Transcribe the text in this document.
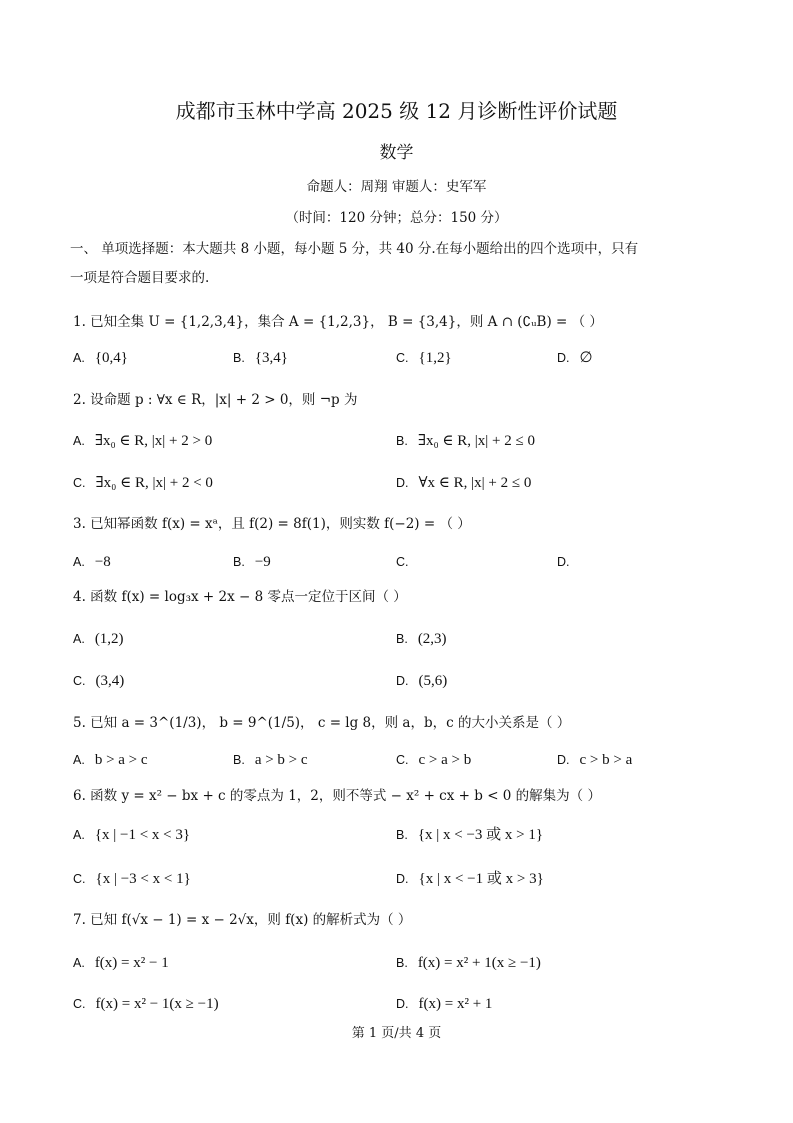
成都市玉林中学高 2025 级 12 月诊断性评价试题
数学
命题人：周翔 审题人：史军军
（时间：120 分钟；总分：150 分）
一、 单项选择题：本大题共 8 小题，每小题 5 分，共 40 分.在每小题给出的四个选项中，只有
一项是符合题目要求的.
1. 已知全集 U = {1,2,3,4}，集合 A = {1,2,3}， B = {3,4}，则 A ∩ (∁ᵤB) = （ ）
A. {0,4}	B. {3,4}	C. {1,2}	D. ∅
2. 设命题 p : ∀x ∈ R，|x| + 2 > 0，则 ¬p 为
A. ∃x₀ ∈ R, |x| + 2 > 0	B. ∃x₀ ∈ R, |x| + 2 ≤ 0
C. ∃x₀ ∈ R, |x| + 2 < 0	D. ∀x ∈ R, |x| + 2 ≤ 0
3. 已知幂函数 f(x) = xᵃ，且 f(2) = 8f(1)，则实数 f(−2) = （ ）
A. −8	B. −9	C.	D.
4. 函数 f(x) = log₃x + 2x − 8 零点一定位于区间（ ）
A. (1,2)	B. (2,3)
C. (3,4)	D. (5,6)
5. 已知 a = 3^(1/3)， b = 9^(1/5)， c = lg 8，则 a，b，c 的大小关系是（ ）
A. b > a > c	B. a > b > c	C. c > a > b	D. c > b > a
6. 函数 y = x² − bx + c 的零点为 1，2，则不等式 − x² + cx + b < 0 的解集为（ ）
A. {x | −1 < x < 3}	B. {x | x < −3 或 x > 1}
C. {x | −3 < x < 1}	D. {x | x < −1 或 x > 3}
7. 已知 f(√x − 1) = x − 2√x，则 f(x) 的解析式为（ ）
A. f(x) = x² − 1	B. f(x) = x² + 1(x ≥ −1)
C. f(x) = x² − 1(x ≥ −1)	D. f(x) = x² + 1
第 1 页/共 4 页
